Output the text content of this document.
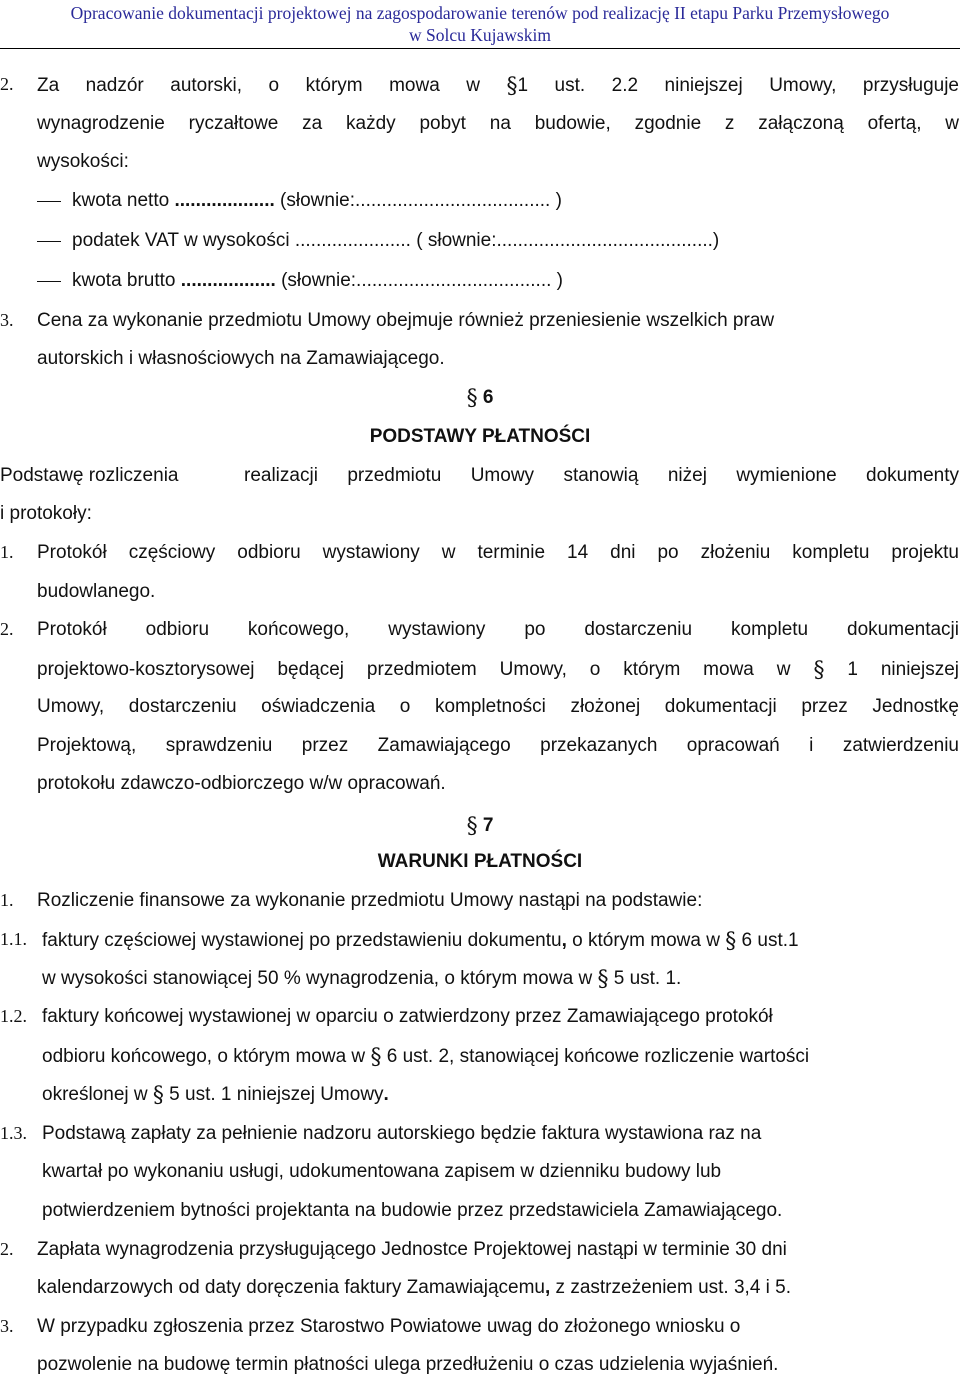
Opracowanie dokumentacji projektowej na zagospodarowanie terenów pod realizację II etapu Parku Przemysłowego
w Solcu Kujawskim
2. Za nadzór autorski, o którym mowa w §1 ust. 2.2 niniejszej Umowy, przysługuje
wynagrodzenie ryczałtowe za każdy pobyt na budowie, zgodnie z załączoną ofertą, w
wysokości:
kwota netto ................... (słownie:..................................... )
podatek VAT w wysokości ...................... ( słownie:.........................................)
kwota brutto .................. (słownie:..................................... )
3. Cena za wykonanie przedmiotu Umowy obejmuje również przeniesienie wszelkich praw
autorskich i własnościowych na Zamawiającego.
§ 6
PODSTAWY PŁATNOŚCI
Podstawę rozliczenia	realizacji przedmiotu Umowy stanowią niżej wymienione dokumenty
i protokoły:
1. Protokół częściowy odbioru wystawiony w terminie 14 dni po złożeniu kompletu projektu
budowlanego.
2. Protokół odbioru końcowego, wystawiony po dostarczeniu kompletu dokumentacji
projektowo-kosztorysowej będącej przedmiotem Umowy, o którym mowa w § 1 niniejszej
Umowy, dostarczeniu oświadczenia o kompletności złożonej dokumentacji przez Jednostkę
Projektową, sprawdzeniu przez Zamawiającego przekazanych opracowań i zatwierdzeniu
protokołu zdawczo-odbiorczego w/w opracowań.
§ 7
WARUNKI PŁATNOŚCI
1. Rozliczenie finansowe za wykonanie przedmiotu Umowy nastąpi na podstawie:
1.1. faktury częściowej wystawionej po przedstawieniu dokumentu, o którym mowa w § 6 ust.1
w wysokości stanowiącej 50 % wynagrodzenia, o którym mowa w § 5 ust. 1.
1.2. faktury końcowej wystawionej w oparciu o zatwierdzony przez Zamawiającego protokół
odbioru końcowego, o którym mowa w § 6 ust. 2, stanowiącej końcowe rozliczenie wartości
określonej w § 5 ust. 1 niniejszej Umowy.
1.3. Podstawą zapłaty za pełnienie nadzoru autorskiego będzie faktura wystawiona raz na
kwartał po wykonaniu usługi, udokumentowana zapisem w dzienniku budowy lub
potwierdzeniem bytności projektanta na budowie przez przedstawiciela Zamawiającego.
2. Zapłata wynagrodzenia przysługującego Jednostce Projektowej nastąpi w terminie 30 dni
kalendarzowych od daty doręczenia faktury Zamawiającemu, z zastrzeżeniem ust. 3,4 i 5.
3. W przypadku zgłoszenia przez Starostwo Powiatowe uwag do złożonego wniosku o
pozwolenie na budowę termin płatności ulega przedłużeniu o czas udzielenia wyjaśnień.
